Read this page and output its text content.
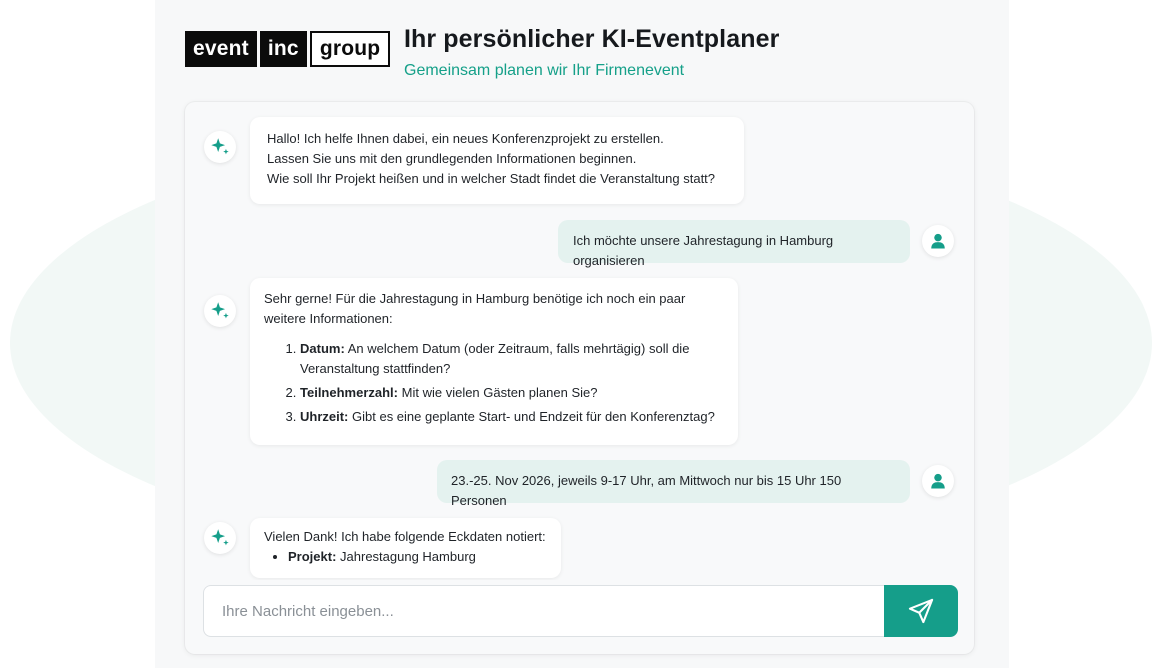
event inc	group Ihr persönlicher KI-Eventplaner
Gemeinsam planen wir Ihr Firmenevent

Hallo! Ich helfe Ihnen dabei, ein neues Konferenzprojekt zu erstellen.

Lassen Sie uns mit den grundlegenden Informationen beginnen.

Wie soll Ihr Projekt heißen und in welcher Stadt findet die Veranstaltung statt?

Ich möchte unsere Jahrestagung in Hamburg organisieren

Sehr gerne! Für die Jahrestagung in Hamburg benötige ich noch ein paar weitere Informationen:

1. Datum: An welchem Datum (oder Zeitraum, falls mehrtägig) soll die Veranstaltung stattfinden?
2. Teilnehmerzahl: Mit wie vielen Gästen planen Sie?
3. Uhrzeit: Gibt es eine geplante Start- und Endzeit für den Konferenztag?

23.-25. Nov 2026, jeweils 9-17 Uhr, am Mittwoch nur bis 15 Uhr 150 Personen

Vielen Dank! Ich habe folgende Eckdaten notiert:

• Projekt: Jahrestagung Hamburg
Ihre Nachricht eingeben...
